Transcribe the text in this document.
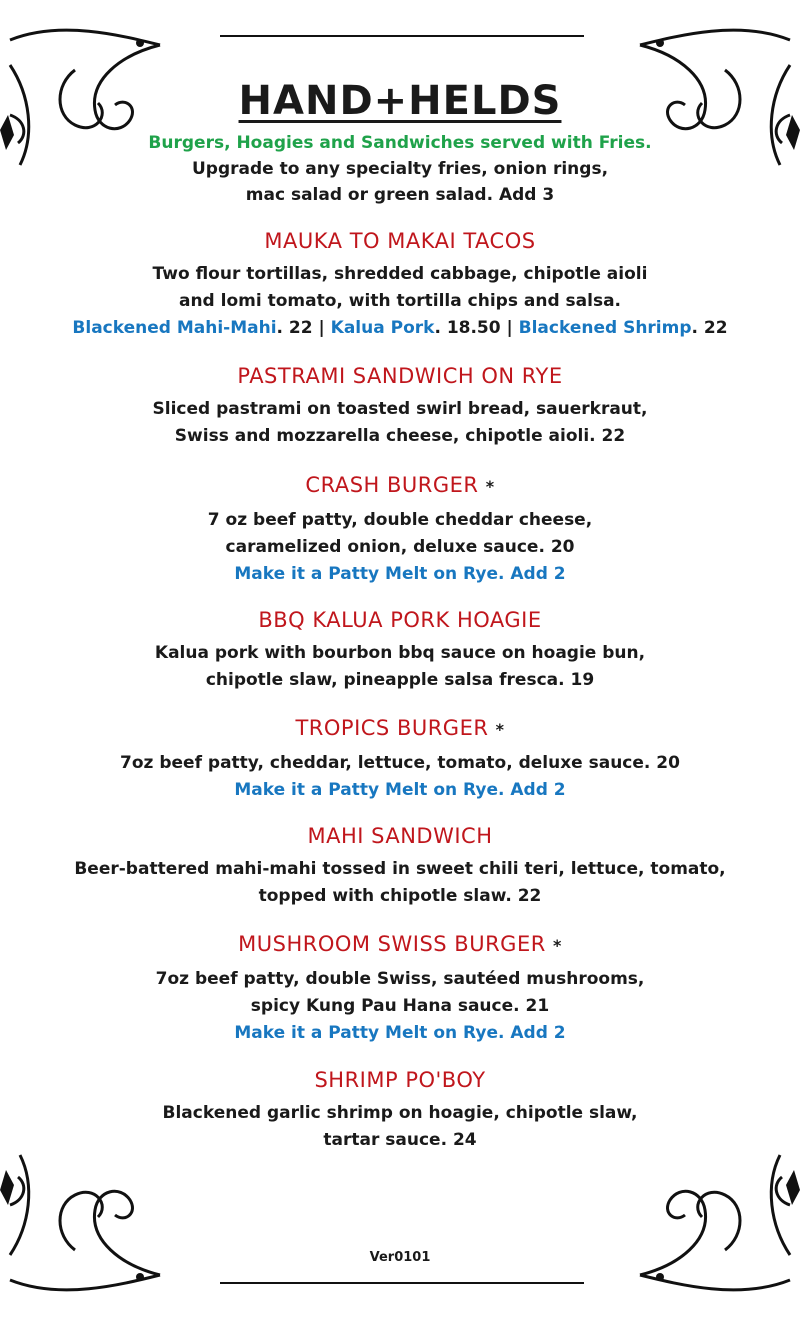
HAND+HELDS
Burgers, Hoagies and Sandwiches served with Fries.
Upgrade to any specialty fries, onion rings,
mac salad or green salad. Add 3
MAUKA TO MAKAI TACOS
Two flour tortillas, shredded cabbage, chipotle aioli
and lomi tomato, with tortilla chips and salsa.
Blackened Mahi-Mahi. 22 | Kalua Pork. 18.50 | Blackened Shrimp. 22
PASTRAMI SANDWICH ON RYE
Sliced pastrami on toasted swirl bread, sauerkraut,
Swiss and mozzarella cheese, chipotle aioli. 22
CRASH BURGER *
7 oz beef patty, double cheddar cheese,
caramelized onion, deluxe sauce. 20
Make it a Patty Melt on Rye. Add 2
BBQ KALUA PORK HOAGIE
Kalua pork with bourbon bbq sauce on hoagie bun,
chipotle slaw, pineapple salsa fresca. 19
TROPICS BURGER *
7oz beef patty, cheddar, lettuce, tomato, deluxe sauce. 20
Make it a Patty Melt on Rye. Add 2
MAHI SANDWICH
Beer-battered mahi-mahi tossed in sweet chili teri, lettuce, tomato,
topped with chipotle slaw. 22
MUSHROOM SWISS BURGER *
7oz beef patty, double Swiss, sautéed mushrooms,
spicy Kung Pau Hana sauce. 21
Make it a Patty Melt on Rye. Add 2
SHRIMP PO'BOY
Blackened garlic shrimp on hoagie, chipotle slaw,
tartar sauce. 24
Ver0101
